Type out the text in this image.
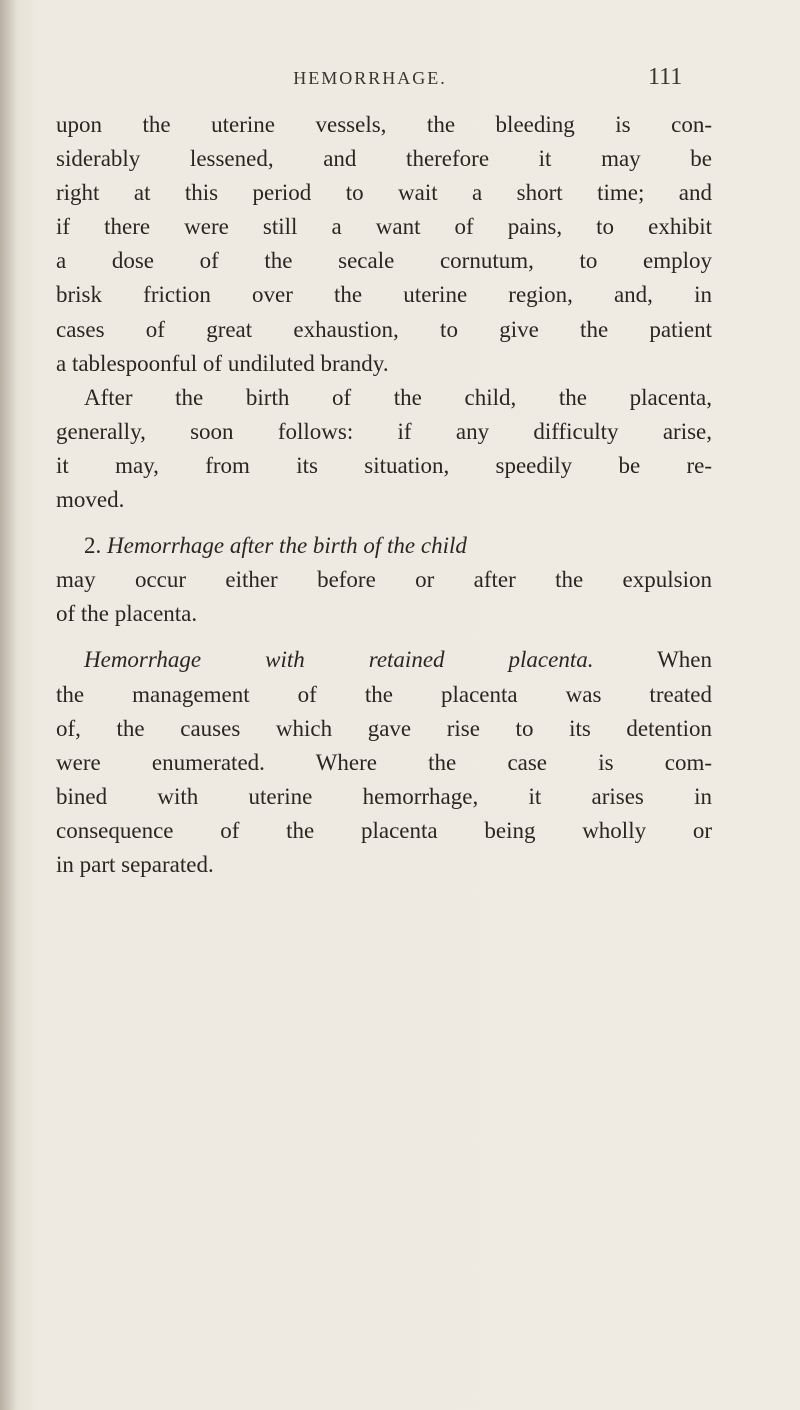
HEMORRHAGE.	111
upon the uterine vessels, the bleeding is con-
siderably lessened, and therefore it may be
right at this period to wait a short time; and
if there were still a want of pains, to exhibit
a dose of the secale cornutum, to employ
brisk friction over the uterine region, and, in
cases of great exhaustion, to give the patient
a tablespoonful of undiluted brandy.
After the birth of the child, the placenta,
generally, soon follows: if any difficulty arise,
it may, from its situation, speedily be re-
moved.
2. Hemorrhage after the birth of the child
may occur either before or after the expulsion
of the placenta.
Hemorrhage with retained placenta.	When
the management of the placenta was treated
of, the causes which gave rise to its detention
were enumerated. Where the case is com-
bined with uterine hemorrhage, it arises in
consequence of the placenta being wholly or
in part separated.
